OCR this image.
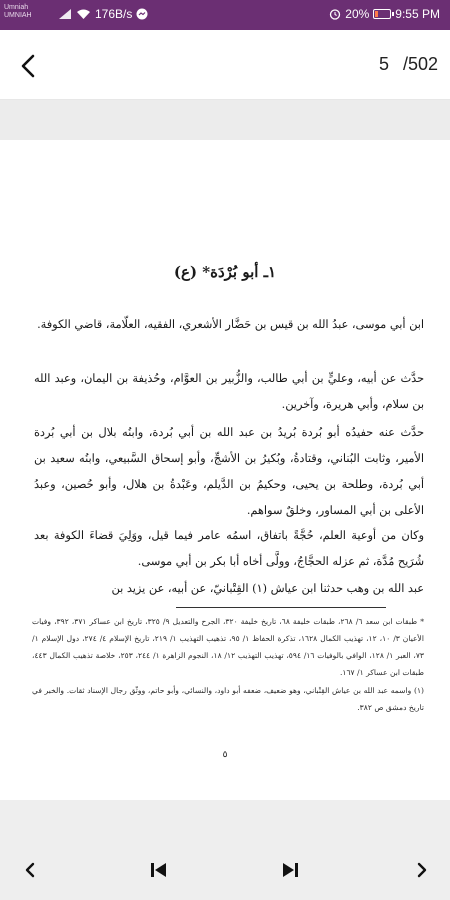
Umniah
UMNIAH	176B/s	20% 9:55 PM
5 /502
١ـ أبو بُرْدَة* (ع)
ابن أبي موسى، عبدُ الله بن قيس بن حَضَّار الأشعري، الفقيه، العلّامة، قاضي الكوفة.
حدَّث عن أبيه، وعليٍّ بن أبي طالب، والزُّبير بن العوَّام، وحُذيفة بن اليمان، وعبد الله بن سلام، وأبي هريرة، وآخرين.
حدَّث عنه حفيدُه أبو بُردة بُريدُ بن عبد الله بن أبي بُردة، وابنُه بلال بن أبي بُردة الأمير، وثابت البُناني، وقتادةُ، وبُكيرُ بن الأشجِّ، وأبو إسحاق السَّبيعي، وابنُه سعيد بن أبي بُردة، وطلحة بن يحيى، وحكيمُ بن الدَّيلم، وعَبْدةُ بن هلال، وأبو حُصين، وعبدُ الأعلى بن أبي المساور، وخلقٌ سواهم.
وكان من أوعية العلم، حُجَّةً باتفاق، اسمُه عامر فيما قيل، ووَلِيَ قضاءَ الكوفة بعد شُرَيح مُدَّة، ثم عزله الحجَّاجُ، وولَّى أخاه أبا بكر بن أبي موسى.
عبد الله بن وهب حدثنا ابن عياش (١) القِتْبانيّ، عن أبيه، عن يزيد بن

* طبقات ابن سعد ٦/ ٢٦٨، طبقات خليفة ٦٨، تاريخ خليفة ٣٢٠، الجرح والتعديل ٩/ ٣٢٥، تاريخ ابن عساكر ٣٧١، ٣٩٢، وفيات الأعيان ٣/ ١٠، ١٢، تهذيب الكمال ١٦٢٨، تذكرة الحفاظ ١/ ٩٥، تذهيب التهذيب ١/ ٢١٩، تاريخ الإسلام ٤/ ٢٧٤، دول الإسلام ١/ ٧٣، العبر ١/ ١٢٨، الوافي بالوفيات ١٦/ ٥٩٤، تهذيب التهذيب ١٢/ ١٨، النجوم الزاهرة ١/ ٢٤٤، ٢٥٣، خلاصة تذهيب الكمال ٤٤٣، طبقات ابن عساكر ١/ ١٦٧.

(١) واسمه عبد الله بن عياش القِتْباني، وهو ضعيف، ضعفه أبو داود، والنسائي، وأبو حاتم، ووثّق رجال الإسناد ثقات. والخبر في تاريخ دمشق ص ٣٨٢.

٥
